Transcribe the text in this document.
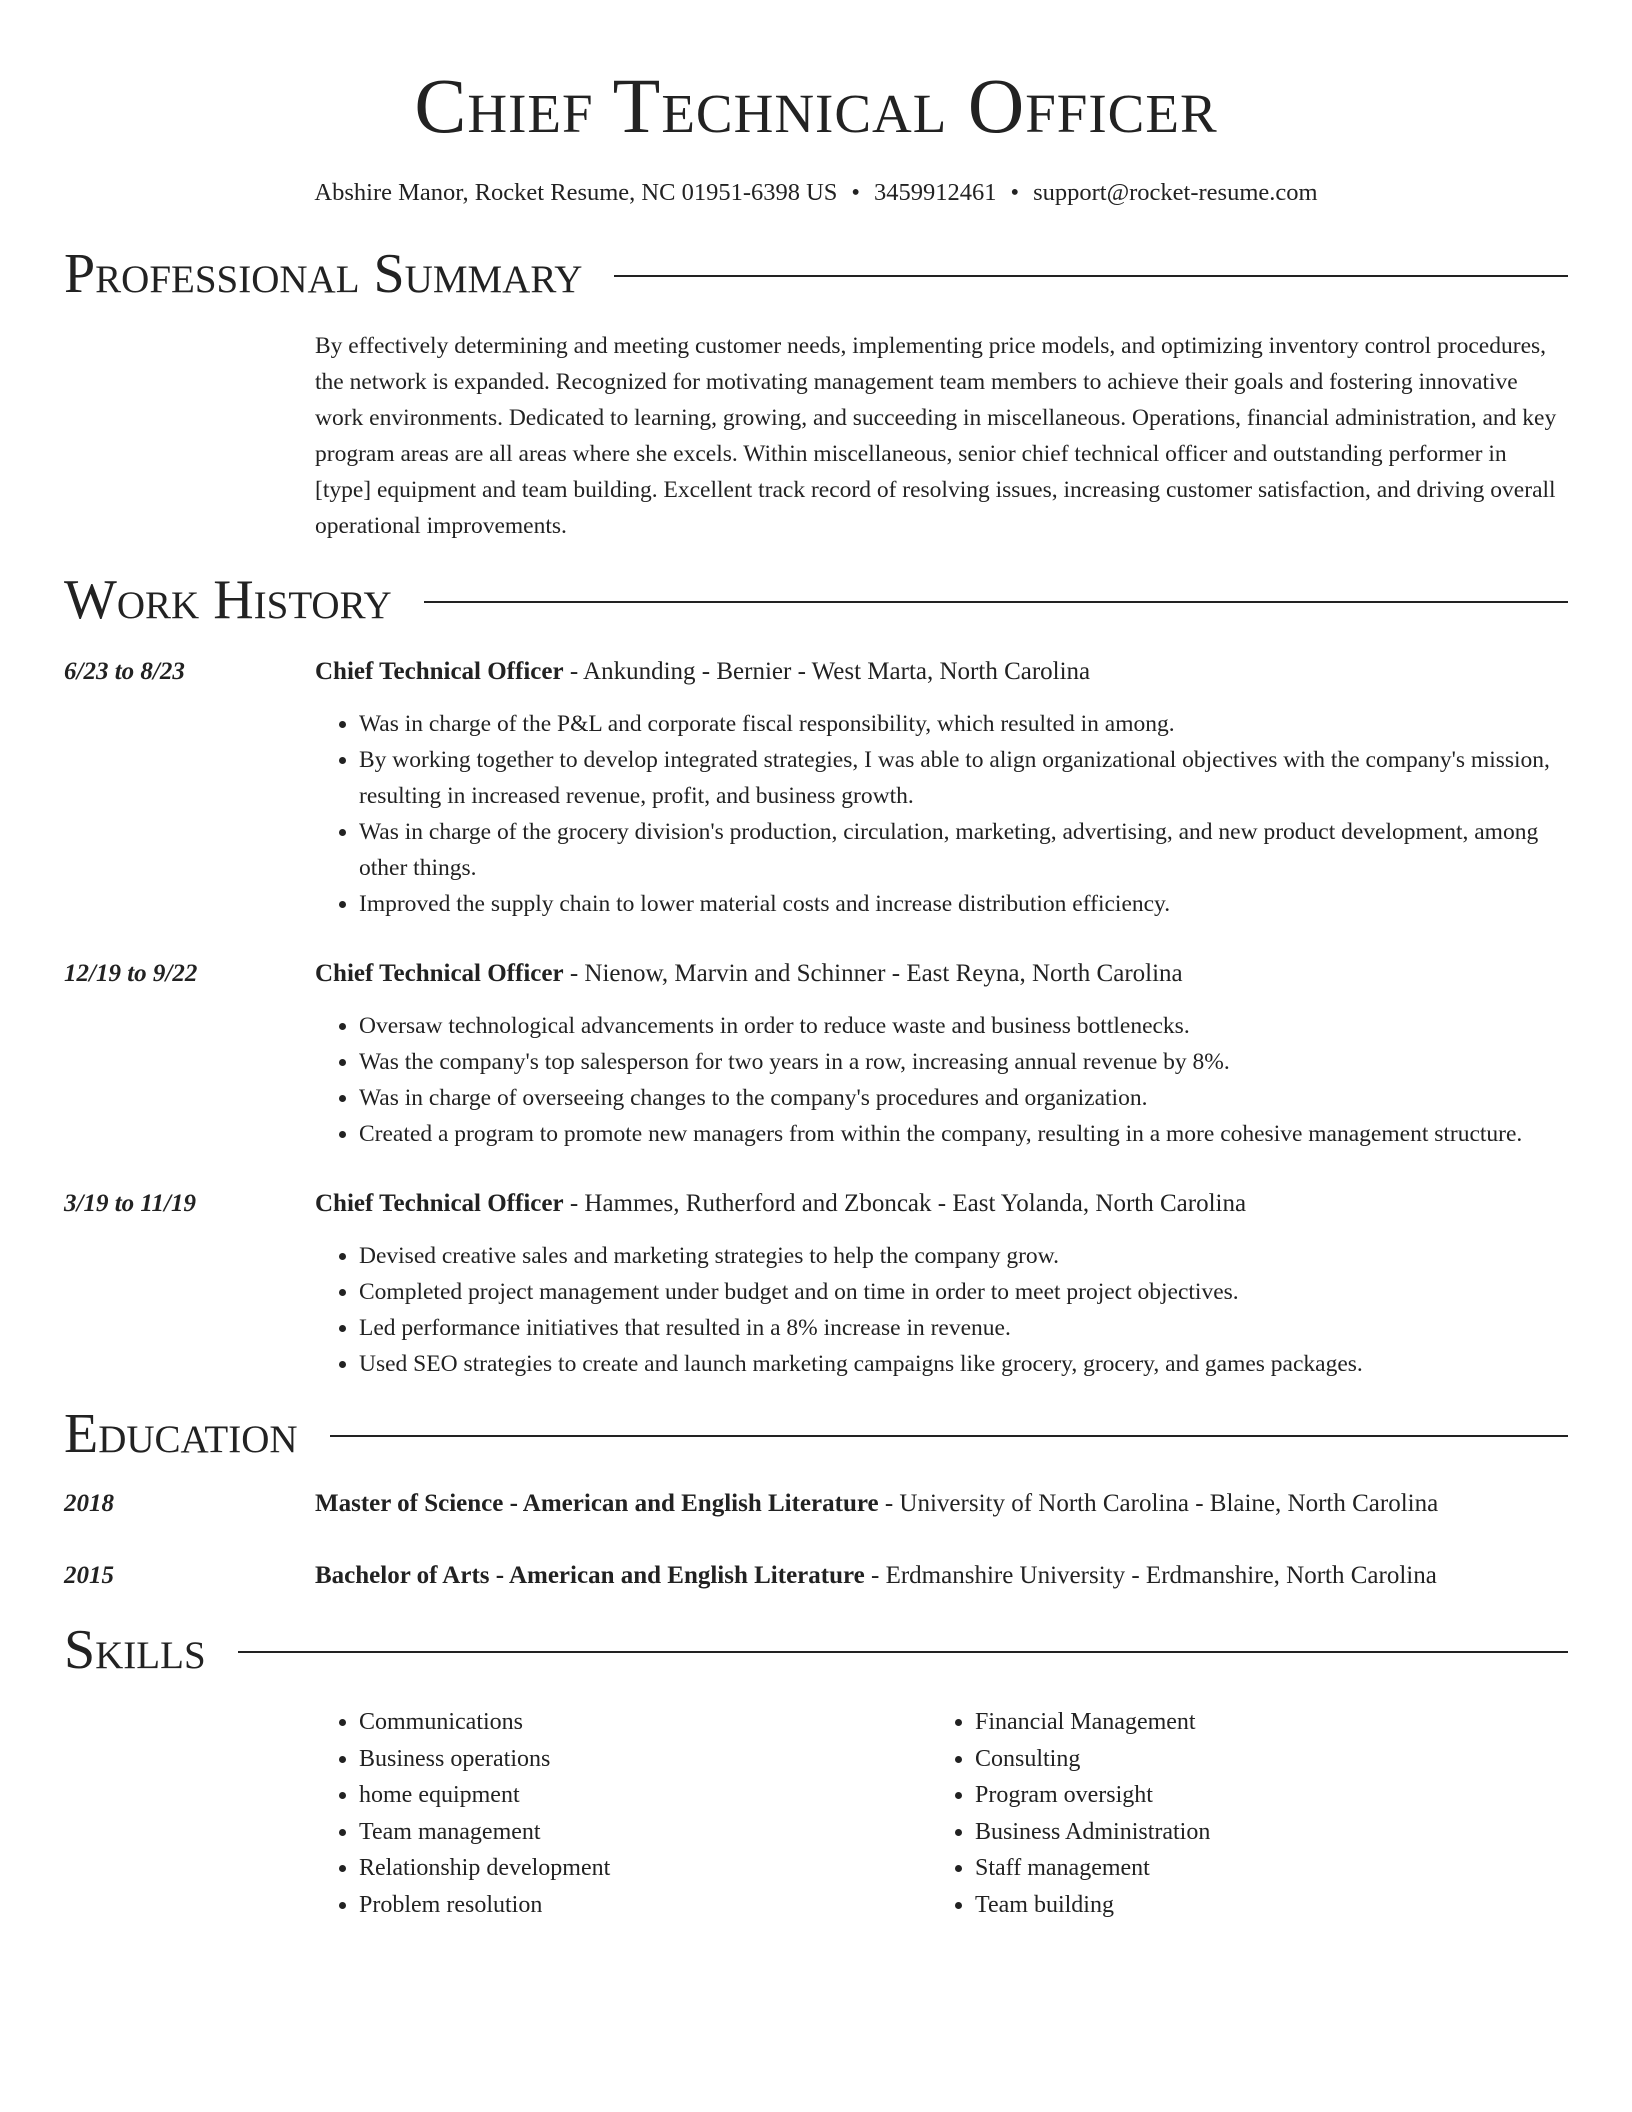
Chief Technical Officer
Abshire Manor, Rocket Resume, NC 01951-6398 US • 3459912461 • support@rocket-resume.com
Professional Summary

By effectively determining and meeting customer needs, implementing price models, and optimizing inventory control procedures, the network is expanded. Recognized for motivating management team members to achieve their goals and fostering innovative work environments. Dedicated to learning, growing, and succeeding in miscellaneous. Operations, financial administration, and key program areas are all areas where she excels. Within miscellaneous, senior chief technical officer and outstanding performer in [type] equipment and team building. Excellent track record of resolving issues, increasing customer satisfaction, and driving overall operational improvements.

Work History
6/23 to 8/23	Chief Technical Officer - Ankunding - Bernier - West Marta, North Carolina
• Was in charge of the P&L and corporate fiscal responsibility, which resulted in among.
• By working together to develop integrated strategies, I was able to align organizational objectives with the company's mission, resulting in increased revenue, profit, and business growth.
• Was in charge of the grocery division's production, circulation, marketing, advertising, and new product development, among other things.
• Improved the supply chain to lower material costs and increase distribution efficiency.
12/19 to 9/22	Chief Technical Officer - Nienow, Marvin and Schinner - East Reyna, North Carolina
• Oversaw technological advancements in order to reduce waste and business bottlenecks.
• Was the company's top salesperson for two years in a row, increasing annual revenue by 8%.
• Was in charge of overseeing changes to the company's procedures and organization.
• Created a program to promote new managers from within the company, resulting in a more cohesive management structure.
3/19 to 11/19	Chief Technical Officer - Hammes, Rutherford and Zboncak - East Yolanda, North Carolina
• Devised creative sales and marketing strategies to help the company grow.
• Completed project management under budget and on time in order to meet project objectives.
• Led performance initiatives that resulted in a 8% increase in revenue.
• Used SEO strategies to create and launch marketing campaigns like grocery, grocery, and games packages.
Education
2018	Master of Science - American and English Literature - University of North Carolina - Blaine, North Carolina
2015	Bachelor of Arts - American and English Literature - Erdmanshire University - Erdmanshire, North Carolina
Skills
• Communications
• Business operations
• home equipment
• Team management
• Relationship development
• Problem resolution
• Financial Management
• Consulting
• Program oversight
• Business Administration
• Staff management
• Team building
